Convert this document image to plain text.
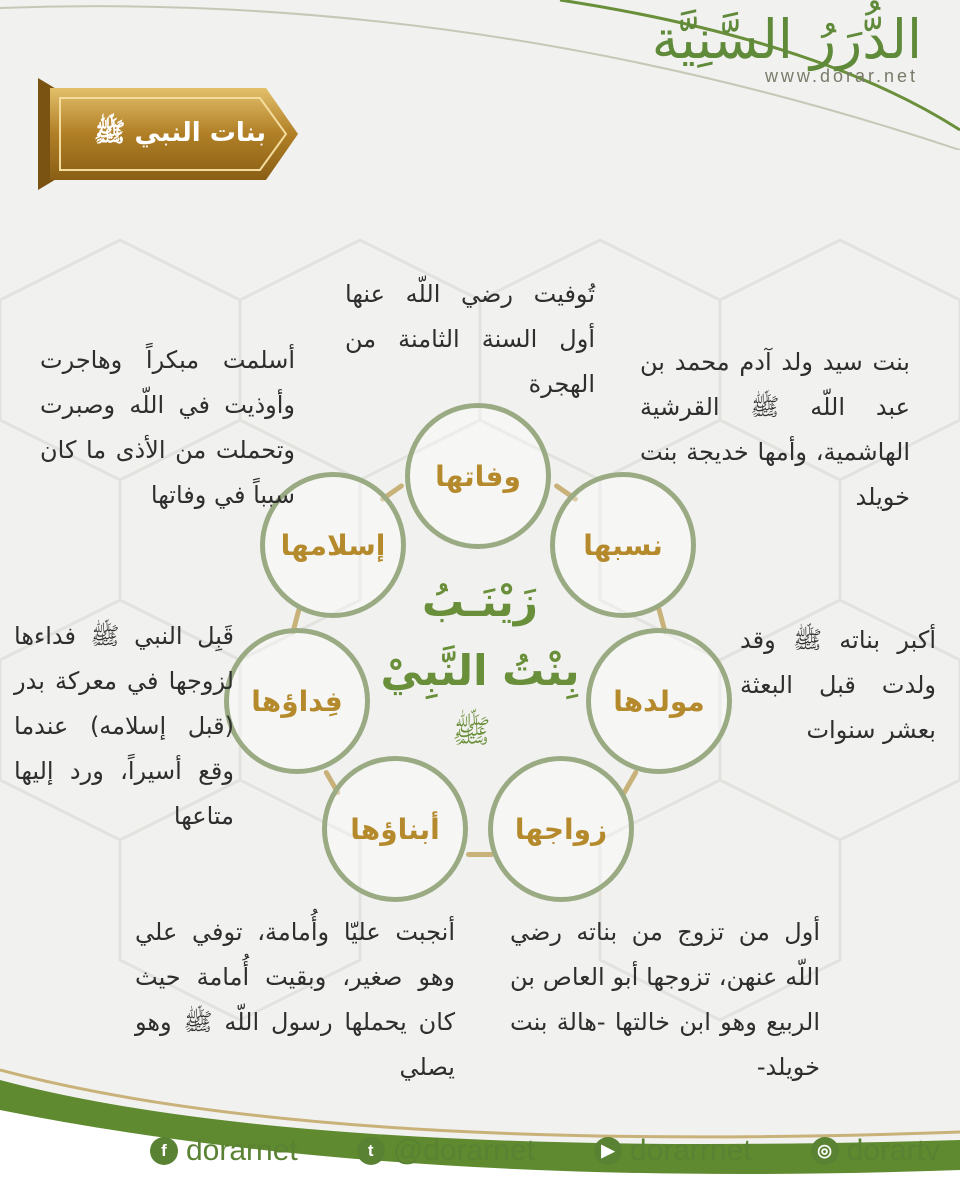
الدُّرَرُ السَّنِيَّة
www.dorar.net
بنات النبي ﷺ
وفاتها
نسبها
مولدها
زواجها
أبناؤها
فِداؤها
إسلامها
زَيْنَـبُ
بِنْتُ النَّبِيْ
ﷺ
تُوفيت رضي اللّه عنها أول السنة الثامنة من الهجرة
بنت سيد ولد آدم محمد بن عبد اللّه ﷺ القرشية الهاشمية، وأمها خديجة بنت خويلد
أسلمت مبكراً وهاجرت وأوذيت في اللّه وصبرت وتحملت من الأذى ما كان سبباً في وفاتها
أكبر بناته ﷺ وقد ولدت قبل البعثة بعشر سنوات
قَبِل النبي ﷺ فداءها لزوجها في معركة بدر (قبل إسلامه) عندما وقع أسيراً، ورد إليها متاعها
أنجبت عليّا وأُمامة، توفي علي وهو صغير، وبقيت أُمامة حيث كان يحملها رسول اللّه ﷺ وهو يصلي
أول من تزوج من بناته رضي اللّه عنهن، تزوجها أبو العاص بن الربيع وهو ابن خالتها -هالة بنت خويلد-
f dorarnet	t @dorarnet	▶ dorarrnet	◎ dorartv
